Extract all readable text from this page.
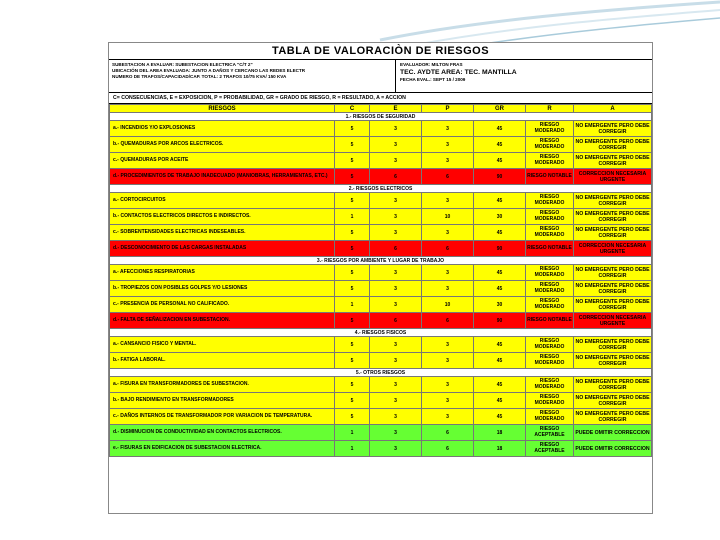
TABLA DE VALORACIÒN DE RIESGOS
SUBESTACION A EVALUAR: SUBESTACION ELECTRICA "C/T 2"
UBICACIÓN DEL AREA EVALUADA: JUNTO A DAÑOS Y CERCANO LAS REDES ELECTR
NUMERO DE TRAFOS/CAPACIDAD/CAP. TOTAL: 2 TRAFOS 10/75 KVA/ 150 KVA
EVALUADOR: MILTON FRAS
TEC. AYDTE AREA: TEC. MANTILLA
FECHA EVAL.: SEPT 15 / 2009
C= CONSECUENCIAS, E = EXPOSICION, P = PROBABILIDAD, GR = GRADO DE RIESGO, R = RESULTADO, A = ACCION
RIESGOS	C	E	P	GR	R	A
1.- RIESGOS DE SEGURIDAD						
a.- INCENDIOS Y/O EXPLOSIONES	5	3	3	45	RIESGO MODERADO	NO EMERGENTE PERO DEBE CORREGIR
b.- QUEMADURAS POR ARCOS ELECTRICOS.	5	3	3	45	RIESGO MODERADO	NO EMERGENTE PERO DEBE CORREGIR
c.- QUEMADURAS POR ACEITE	5	3	3	45	RIESGO MODERADO	NO EMERGENTE PERO DEBE CORREGIR
d.- PROCEDIMIENTOS DE TRABAJO INADECUADO (MANIOBRAS, HERRAMIENTAS, ETC.)	5	6	6	90	RIESGO NOTABLE	CORRECCION NECESARIA URGENTE
2.- RIESGOS ELECTRICOS						
a.- CORTOCIRCUITOS	5	3	3	45	RIESGO MODERADO	NO EMERGENTE PERO DEBE CORREGIR
b.- CONTACTOS ELECTRICOS DIRECTOS E INDIRECTOS.	1	3	10	30	RIESGO MODERADO	NO EMERGENTE PERO DEBE CORREGIR
c.- SOBRENTENSIDADES ELECTRICAS INDESEABLES.	5	3	3	45	RIESGO MODERADO	NO EMERGENTE PERO DEBE CORREGIR
d.- DESCONOCIMIENTO DE LAS CARGAS INSTALADAS	5	6	6	90	RIESGO NOTABLE	CORRECCION NECESARIA URGENTE
3.- RIESGOS POR AMBIENTE Y LUGAR DE TRABAJO						
a.- AFECCIONES RESPIRATORIAS	5	3	3	45	RIESGO MODERADO	NO EMERGENTE PERO DEBE CORREGIR
b.- TROPIEZOS CON POSIBLES GOLPES Y/O LESIONES	5	3	3	45	RIESGO MODERADO	NO EMERGENTE PERO DEBE CORREGIR
c.- PRESENCIA DE PERSONAL NO CALIFICADO.	1	3	10	30	RIESGO MODERADO	NO EMERGENTE PERO DEBE CORREGIR
d.- FALTA DE SEÑALIZACION EN SUBESTACION.	5	6	6	90	RIESGO NOTABLE	CORRECCION NECESARIA URGENTE
4.- RIESGOS FISICOS						
a.- CANSANCIO FISICO Y MENTAL.	5	3	3	45	RIESGO MODERADO	NO EMERGENTE PERO DEBE CORREGIR
b.- FATIGA LABORAL.	5	3	3	45	RIESGO MODERADO	NO EMERGENTE PERO DEBE CORREGIR
5.- OTROS RIESGOS						
a.- FISURA EN TRANSFORMADORES DE SUBESTACION.	5	3	3	45	RIESGO MODERADO	NO EMERGENTE PERO DEBE CORREGIR
b.- BAJO RENDIMIENTO EN TRANSFORMADORES	5	3	3	45	RIESGO MODERADO	NO EMERGENTE PERO DEBE CORREGIR
c.- DAÑOS INTERNOS DE TRANSFORMADOR POR VARIACION DE TEMPERATURA.	5	3	3	45	RIESGO MODERADO	NO EMERGENTE PERO DEBE CORREGIR
d.- DISMINUCION DE CONDUCTIVIDAD EN CONTACTOS ELECTRICOS.	1	3	6	18	RIESGO ACEPTABLE	PUEDE OMITIR CORRECCION
e.- FISURAS EN EDIFICACION DE SUBESTACION ELECTRICA.	1	3	6	18	RIESGO ACEPTABLE	PUEDE OMITIR CORRECCION
